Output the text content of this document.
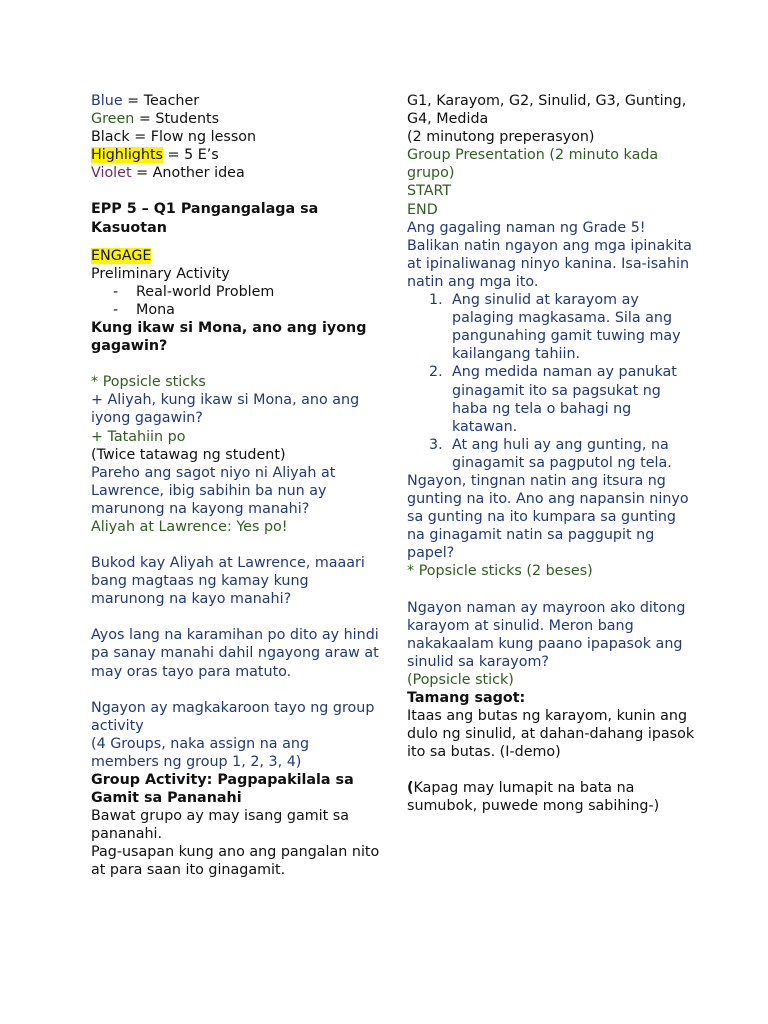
Blue = Teacher
Green = Students
Black = Flow ng lesson
Highlights = 5 E’s
Violet = Another idea
EPP 5 – Q1 Pangangalaga sa Kasuotan
ENGAGE
Preliminary Activity
- Real-world Problem
- Mona
Kung ikaw si Mona, ano ang iyong gagawin?
* Popsicle sticks
+ Aliyah, kung ikaw si Mona, ano ang iyong gagawin?
+ Tatahiin po
(Twice tatawag ng student)
Pareho ang sagot niyo ni Aliyah at Lawrence, ibig sabihin ba nun ay marunong na kayong manahi?
Aliyah at Lawrence: Yes po!
Bukod kay Aliyah at Lawrence, maaari bang magtaas ng kamay kung marunong na kayo manahi?
Ayos lang na karamihan po dito ay hindi pa sanay manahi dahil ngayong araw at may oras tayo para matuto.
Ngayon ay magkakaroon tayo ng group activity
(4 Groups, naka assign na ang members ng group 1, 2, 3, 4)
Group Activity: Pagpapakilala sa Gamit sa Pananahi
Bawat grupo ay may isang gamit sa pananahi.
Pag-usapan kung ano ang pangalan nito at para saan ito ginagamit.
G1, Karayom, G2, Sinulid, G3, Gunting, G4, Medida
(2 minutong preperasyon)
Group Presentation (2 minuto kada grupo)
START
END
Ang gagaling naman ng Grade 5! Balikan natin ngayon ang mga ipinakita at ipinaliwanag ninyo kanina. Isa-isahin natin ang mga ito.
1. Ang sinulid at karayom ay palaging magkasama. Sila ang pangunahing gamit tuwing may kailangang tahiin.
2. Ang medida naman ay panukat ginagamit ito sa pagsukat ng haba ng tela o bahagi ng katawan.
3. At ang huli ay ang gunting, na ginagamit sa pagputol ng tela.
Ngayon, tingnan natin ang itsura ng gunting na ito. Ano ang napansin ninyo sa gunting na ito kumpara sa gunting na ginagamit natin sa paggupit ng papel?
* Popsicle sticks (2 beses)
Ngayon naman ay mayroon ako ditong karayom at sinulid. Meron bang nakakaalam kung paano ipapasok ang sinulid sa karayom?
(Popsicle stick)
Tamang sagot:
Itaas ang butas ng karayom, kunin ang dulo ng sinulid, at dahan-dahang ipasok ito sa butas. (I-demo)
(Kapag may lumapit na bata na sumubok, puwede mong sabihing-)
